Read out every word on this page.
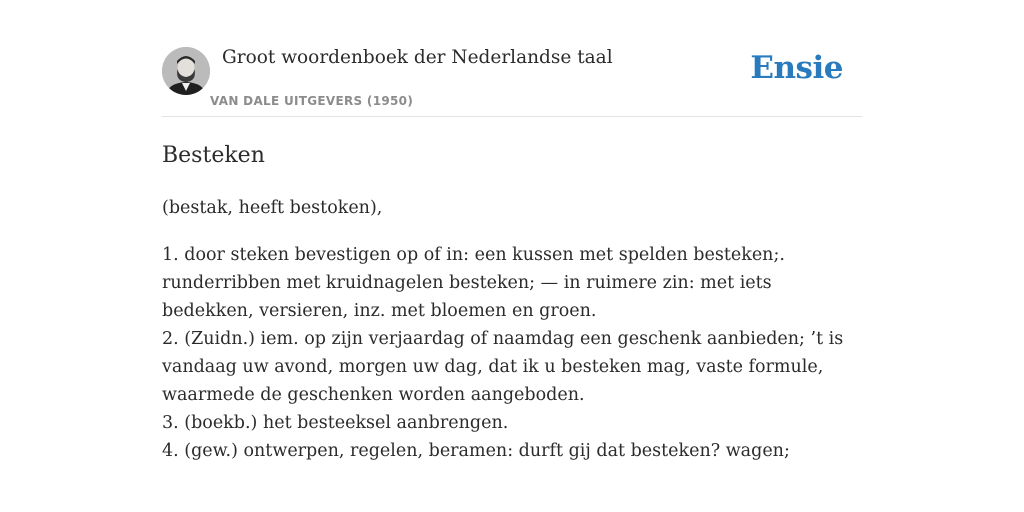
Groot woordenboek der Nederlandse taal
VAN DALE UITGEVERS (1950)
Ensie
Besteken
(bestak, heeft bestoken),
1. door steken bevestigen op of in: een kussen met spelden besteken;. runderribben met kruidnagelen besteken; — in ruimere zin: met iets bedekken, versieren, inz. met bloemen en groen.
2. (Zuidn.) iem. op zijn verjaardag of naamdag een geschenk aanbieden; ’t is vandaag uw avond, morgen uw dag, dat ik u besteken mag, vaste formule, waarmede de geschenken worden aangeboden.
3. (boekb.) het besteeksel aanbrengen.
4. (gew.) ontwerpen, regelen, beramen: durft gij dat besteken? wagen;
